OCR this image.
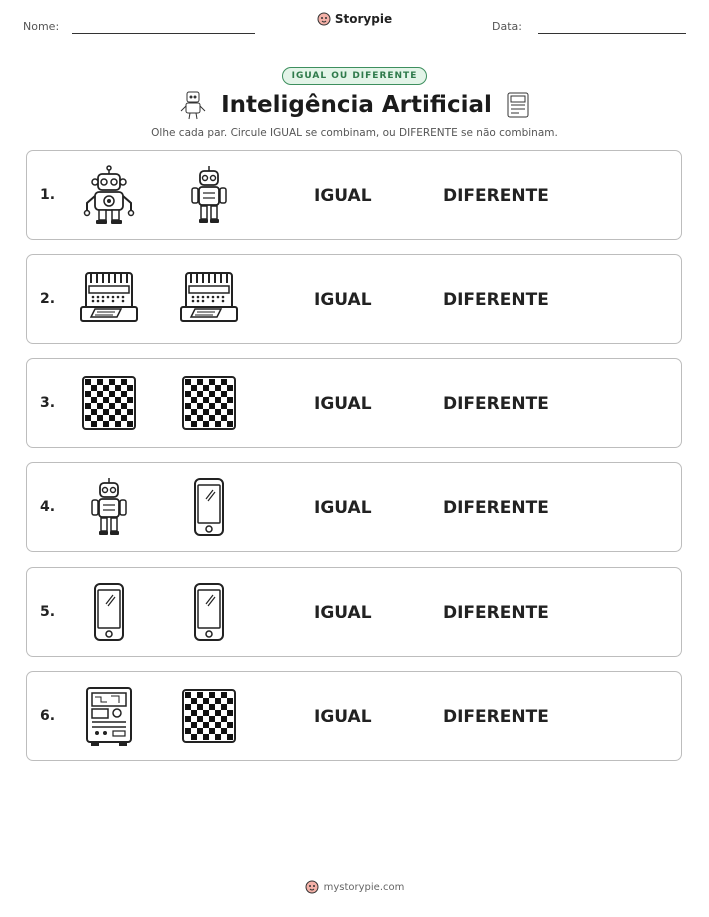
Nome:
Storypie
Data:
IGUAL OU DIFERENTE
Inteligência Artificial
Olhe cada par. Circule IGUAL se combinam, ou DIFERENTE se não combinam.
1.	IGUAL	DIFERENTE
2.	IGUAL	DIFERENTE
3.	IGUAL	DIFERENTE
4.	IGUAL	DIFERENTE
5.	IGUAL	DIFERENTE
6.	IGUAL	DIFERENTE
mystorypie.com
